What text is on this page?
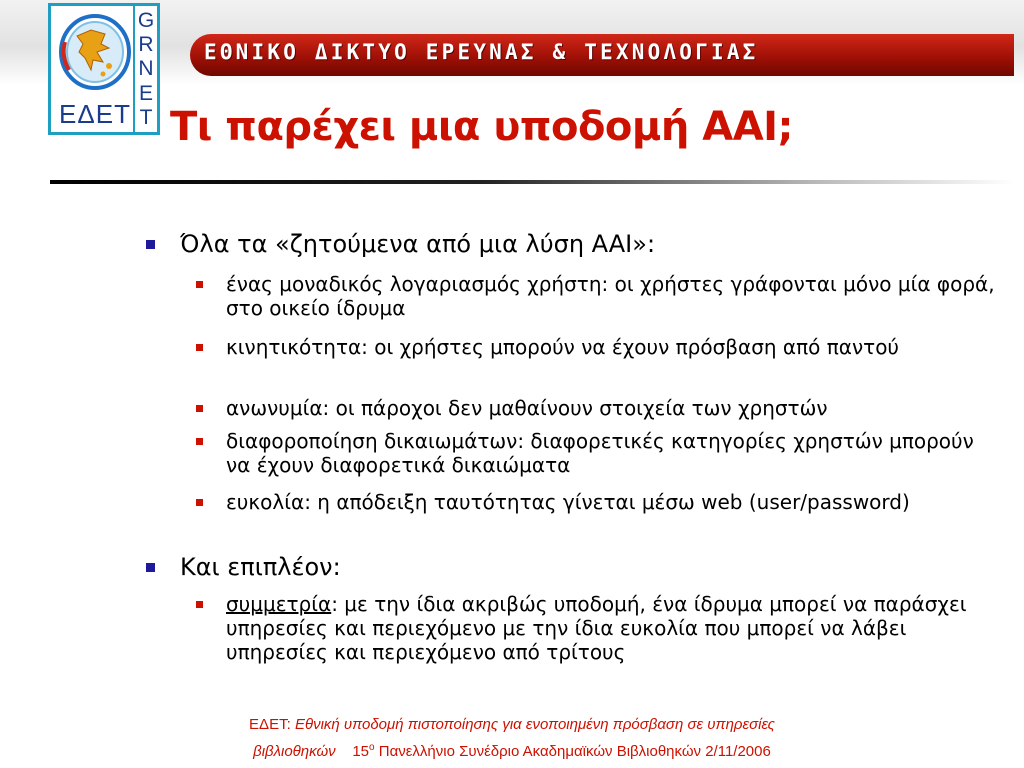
ΕΘΝΙΚΟ ΔΙΚΤΥΟ ΕΡΕΥΝΑΣ & ΤΕΧΝΟΛΟΓΙΑΣ
ΕΔΕΤ
G
R
N
E
T Τι παρέχει μια υποδομή AAI;
Όλα τα «ζητούμενα από μια λύση AAI»:
ένας μοναδικός λογαριασμός χρήστη: οι χρήστες γράφονται μόνο μία φορά, στο οικείο ίδρυμα
κινητικότητα: οι χρήστες μπορούν να έχουν πρόσβαση από παντού
ανωνυμία: οι πάροχοι δεν μαθαίνουν στοιχεία των χρηστών
διαφοροποίηση δικαιωμάτων: διαφορετικές κατηγορίες χρηστών μπορούν να έχουν διαφορετικά δικαιώματα
ευκολία: η απόδειξη ταυτότητας γίνεται μέσω web (user/password)
Και επιπλέον:
συμμετρία: με την ίδια ακριβώς υποδομή, ένα ίδρυμα μπορεί να παράσχει υπηρεσίες και περιεχόμενο με την ίδια ευκολία που μπορεί να λάβει υπηρεσίες και περιεχόμενο από τρίτους
ΕΔΕΤ: Εθνική υποδομή πιστοποίησης για ενοποιημένη πρόσβαση σε υπηρεσίες
βιβλιοθηκών $15^o$ Πανελλήνιο Συνέδριο Ακαδημαϊκών Βιβλιοθηκών 2/11/2006
